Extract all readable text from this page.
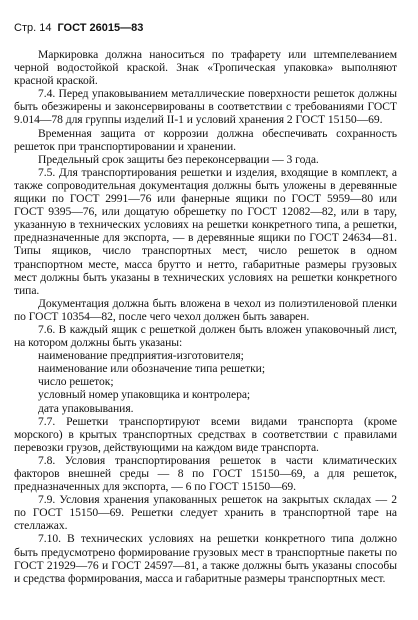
Стр. 14 ГОСТ 26015—83

Маркировка должна наноситься по трафарету или штемпелеванием черной водостойкой краской. Знак «Тропическая упаковка» выполняют красной краской.

7.4. Перед упаковыванием металлические поверхности решеток должны быть обезжирены и законсервированы в соответствии с требованиями ГОСТ 9.014—78 для группы изделий II-1 и условий хранения 2 ГОСТ 15150—69.

Временная защита от коррозии должна обеспечивать сохранность решеток при транспортировании и хранении.

Предельный срок защиты без переконсервации — 3 года.

7.5. Для транспортирования решетки и изделия, входящие в комплект, а также сопроводительная документация должны быть уложены в деревянные ящики по ГОСТ 2991—76 или фанерные ящики по ГОСТ 5959—80 или ГОСТ 9395—76, или дощатую обрешетку по ГОСТ 12082—82, или в тару, указанную в технических условиях на решетки конкретного типа, а решетки, предназначенные для экспорта, — в деревянные ящики по ГОСТ 24634—81. Типы ящиков, число транспортных мест, число решеток в одном транспортном месте, масса брутто и нетто, габаритные размеры грузовых мест должны быть указаны в технических условиях на решетки конкретного типа.

Документация должна быть вложена в чехол из полиэтиленовой пленки по ГОСТ 10354—82, после чего чехол должен быть заварен.

7.6. В каждый ящик с решеткой должен быть вложен упаковочный лист, на котором должны быть указаны:

наименование предприятия-изготовителя;

наименование или обозначение типа решетки;

число решеток;

условный номер упаковщика и контролера;

дата упаковывания.

7.7. Решетки транспортируют всеми видами транспорта (кроме морского) в крытых транспортных средствах в соответствии с правилами перевозки грузов, действующими на каждом виде транспорта.

7.8. Условия транспортирования решеток в части климатических факторов внешней среды — 8 по ГОСТ 15150—69, а для решеток, предназначенных для экспорта, — 6 по ГОСТ 15150—69.

7.9. Условия хранения упакованных решеток на закрытых складах — 2 по ГОСТ 15150—69. Решетки следует хранить в транспортной таре на стеллажах.

7.10. В технических условиях на решетки конкретного типа должно быть предусмотрено формирование грузовых мест в транспортные пакеты по ГОСТ 21929—76 и ГОСТ 24597—81, а также должны быть указаны способы и средства формирования, масса и габаритные размеры транспортных мест.
